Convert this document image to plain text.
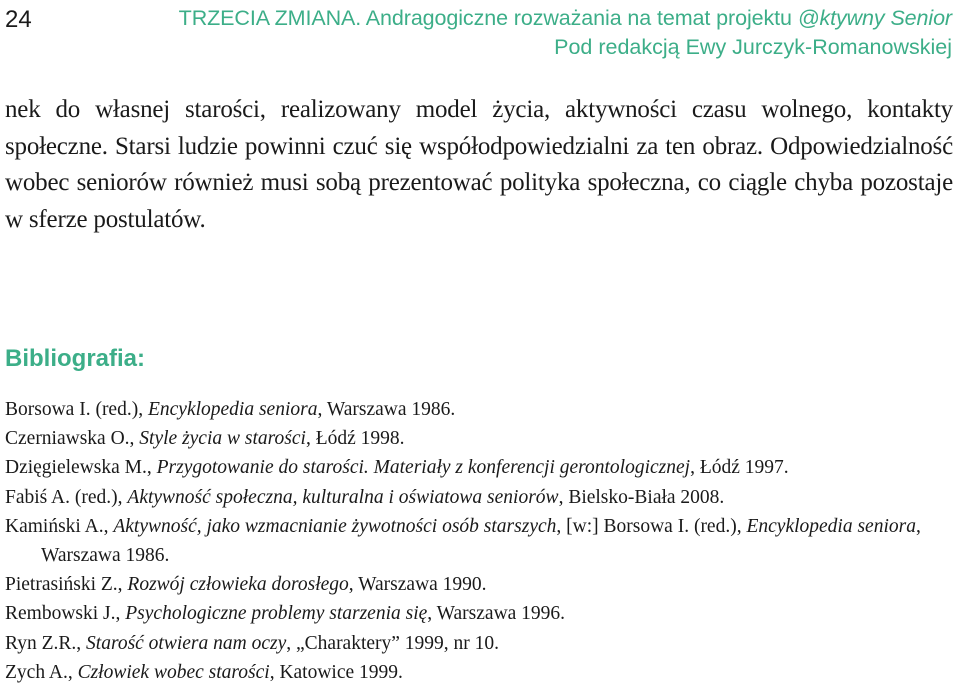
24	TRZECIA ZMIANA. Andragogiczne rozważania na temat projektu @ktywny Senior
Pod redakcją Ewy Jurczyk-Romanowskiej

nek do własnej starości, realizowany model życia, aktywności czasu wolnego, kontakty społeczne. Starsi ludzie powinni czuć się współodpowiedzialni za ten obraz. Odpowiedzialność wobec seniorów również musi sobą prezentować polityka społeczna, co ciągle chyba pozostaje w sferze postulatów.

Bibliografia:
Borsowa I. (red.), Encyklopedia seniora, Warszawa 1986.
Czerniawska O., Style życia w starości, Łódź 1998.
Dzięgielewska M., Przygotowanie do starości. Materiały z konferencji gerontologicznej, Łódź 1997.
Fabiś A. (red.), Aktywność społeczna, kulturalna i oświatowa seniorów, Bielsko-Biała 2008.
Kamiński A., Aktywność, jako wzmacnianie żywotności osób starszych, [w:] Borsowa I. (red.), Encyklopedia seniora, Warszawa 1986.
Pietrasiński Z., Rozwój człowieka dorosłego, Warszawa 1990.
Rembowski J., Psychologiczne problemy starzenia się, Warszawa 1996.
Ryn Z.R., Starość otwiera nam oczy, „Charaktery” 1999, nr 10.
Zych A., Człowiek wobec starości, Katowice 1999.
